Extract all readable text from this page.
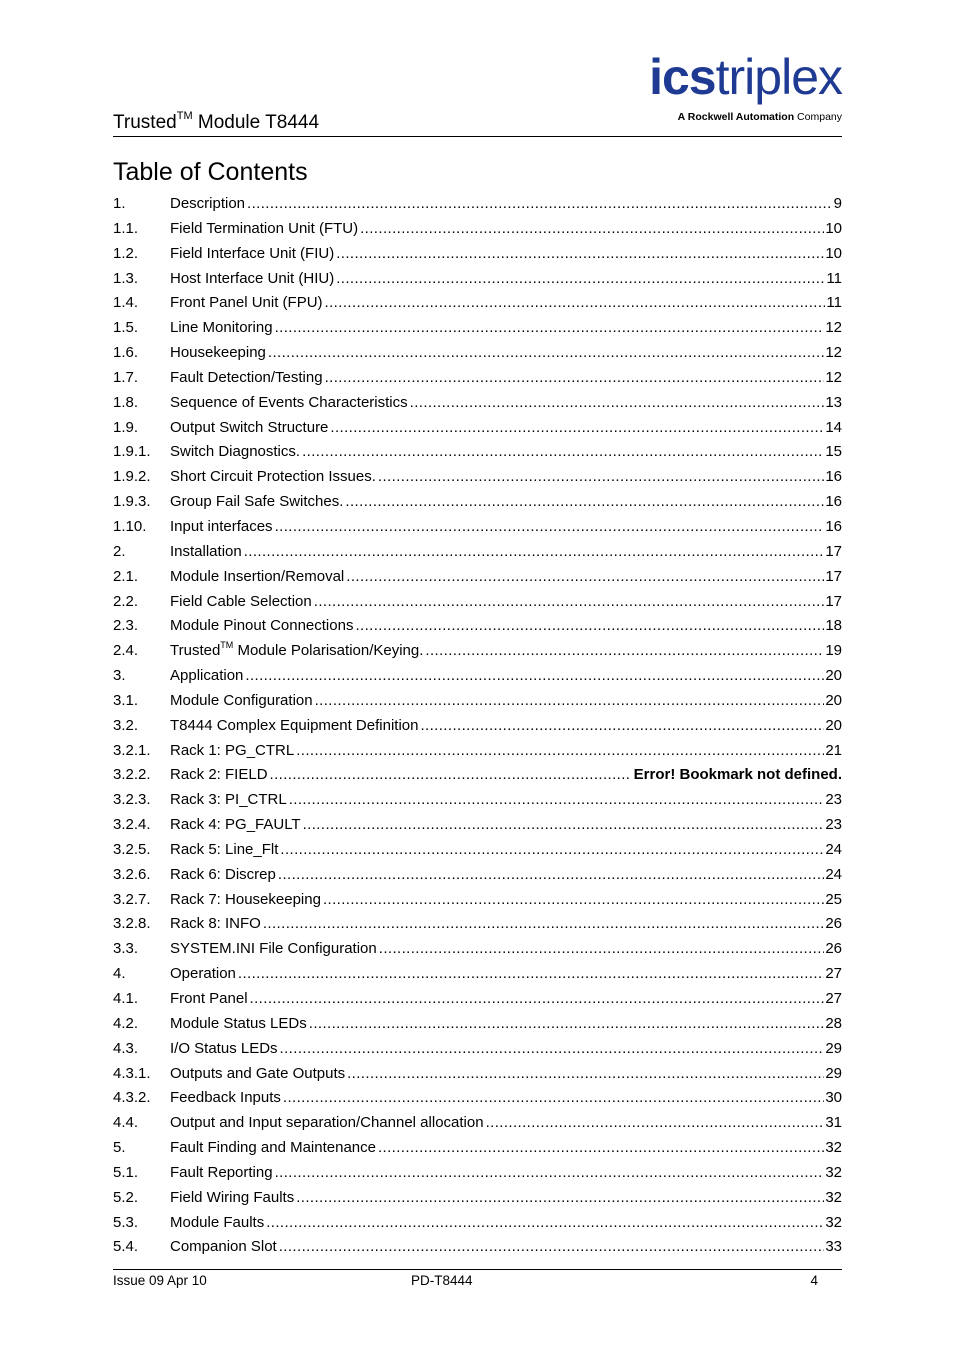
Trusted™ Module T8444
icstriplex
A Rockwell Automation Company
Table of Contents
1.	Description .....	9
1.1. Field Termination Unit (FTU) .....	10
1.2. Field Interface Unit (FIU) .....	10
1.3. Host Interface Unit (HIU) .....	11
1.4. Front Panel Unit (FPU) .....	11
1.5. Line Monitoring .....	12
1.6. Housekeeping .....	12
1.7. Fault Detection/Testing .....	12
1.8. Sequence of Events Characteristics .....	13
1.9. Output Switch Structure .....	14
1.9.1. Switch Diagnostics. .....	15
1.9.2. Short Circuit Protection Issues. .....	16
1.9.3. Group Fail Safe Switches. .....	16
1.10. Input interfaces .....	16
2.	Installation .....	17
2.1. Module Insertion/Removal .....	17
2.2. Field Cable Selection .....	17
2.3. Module Pinout Connections .....	18
2.4. Trusted™ Module Polarisation/Keying. .....	19
3.	Application .....	20
3.1. Module Configuration .....	20
3.2. T8444 Complex Equipment Definition .....	20
3.2.1. Rack 1: PG_CTRL .....	21
3.2.2. Rack 2: FIELD .....	Error! Bookmark not defined.
3.2.3. Rack 3: PI_CTRL .....	23
3.2.4. Rack 4: PG_FAULT .....	23
3.2.5. Rack 5: Line_Flt .....	24
3.2.6. Rack 6: Discrep .....	24
3.2.7. Rack 7: Housekeeping .....	25
3.2.8. Rack 8: INFO .....	26
3.3. SYSTEM.INI File Configuration .....	26
4.	Operation .....	27
4.1. Front Panel .....	27
4.2. Module Status LEDs .....	28
4.3. I/O Status LEDs .....	29
4.3.1. Outputs and Gate Outputs .....	29
4.3.2. Feedback Inputs .....	30
4.4. Output and Input separation/Channel allocation .....	31
5.	Fault Finding and Maintenance .....	32
5.1. Fault Reporting .....	32
5.2. Field Wiring Faults .....	32
5.3. Module Faults .....	32
5.4. Companion Slot .....	33
Issue 09 Apr 10	PD-T8444	4
